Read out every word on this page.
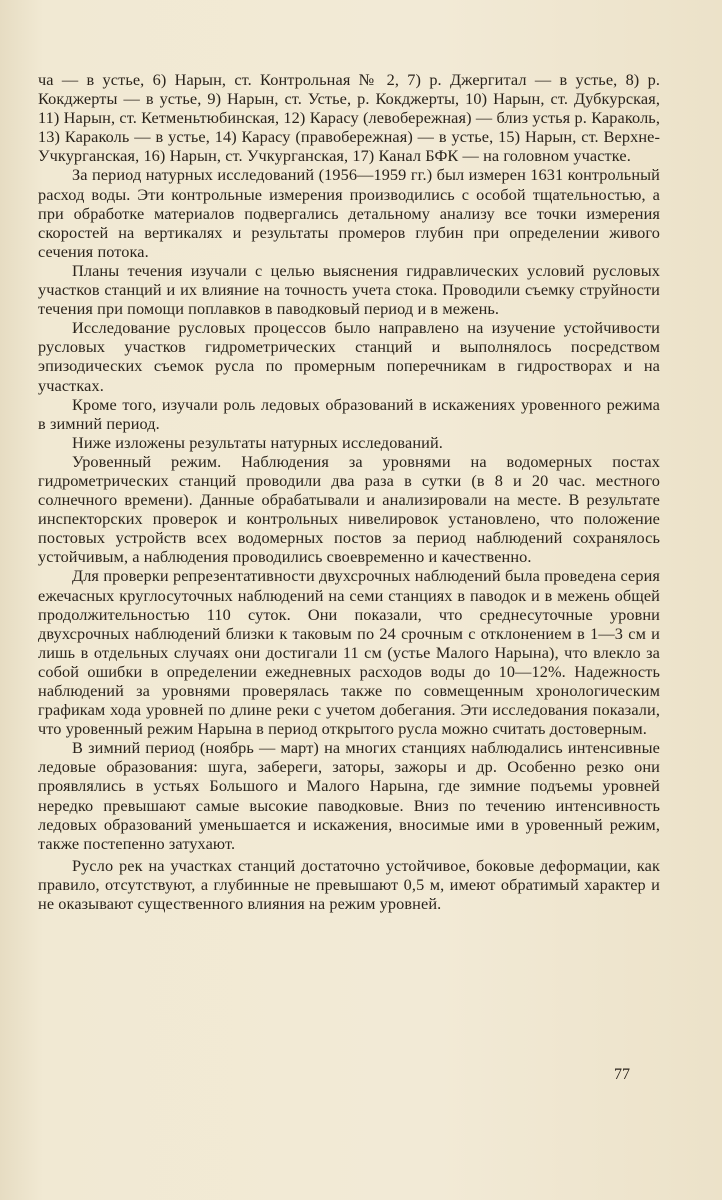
ча — в устье, 6) Нарын, ст. Контрольная № 2, 7) р. Джергитал — в устье, 8) р. Кокджерты — в устье, 9) Нарын, ст. Устье, р. Кокджерты, 10) Нарын, ст. Дубкурская, 11) Нарын, ст. Кетменьтюбинская, 12) Карасу (левобережная) — близ устья р. Караколь, 13) Караколь — в устье, 14) Карасу (правобережная) — в устье, 15) Нарын, ст. Верхне-Учкурганская, 16) Нарын, ст. Учкурганская, 17) Канал БФК — на головном участке.

За период натурных исследований (1956—1959 гг.) был измерен 1631 контрольный расход воды. Эти контрольные измерения производились с особой тщательностью, а при обработке материалов подвергались детальному анализу все точки измерения скоростей на вертикалях и результаты промеров глубин при определении живого сечения потока.

Планы течения изучали с целью выяснения гидравлических условий русловых участков станций и их влияние на точность учета стока. Проводили съемку струйности течения при помощи поплавков в паводковый период и в межень.

Исследование русловых процессов было направлено на изучение устойчивости русловых участков гидрометрических станций и выполнялось посредством эпизодических съемок русла по промерным поперечникам в гидростворах и на участках.

Кроме того, изучали роль ледовых образований в искажениях уровенного режима в зимний период.

Ниже изложены результаты натурных исследований.

Уровенный режим. Наблюдения за уровнями на водомерных постах гидрометрических станций проводили два раза в сутки (в 8 и 20 час. местного солнечного времени). Данные обрабатывали и анализировали на месте. В результате инспекторских проверок и контрольных нивелировок установлено, что положение постовых устройств всех водомерных постов за период наблюдений сохранялось устойчивым, а наблюдения проводились своевременно и качественно.

Для проверки репрезентативности двухсрочных наблюдений была проведена серия ежечасных круглосуточных наблюдений на семи станциях в паводок и в межень общей продолжительностью 110 суток. Они показали, что среднесуточные уровни двухсрочных наблюдений близки к таковым по 24 срочным с отклонением в 1—3 см и лишь в отдельных случаях они достигали 11 см (устье Малого Нарына), что влекло за собой ошибки в определении ежедневных расходов воды до 10—12%. Надежность наблюдений за уровнями проверялась также по совмещенным хронологическим графикам хода уровней по длине реки с учетом добегания. Эти исследования показали, что уровенный режим Нарына в период открытого русла можно считать достоверным.

В зимний период (ноябрь — март) на многих станциях наблюдались интенсивные ледовые образования: шуга, забереги, заторы, зажоры и др. Особенно резко они проявлялись в устьях Большого и Малого Нарына, где зимние подъемы уровней нередко превышают самые высокие паводковые. Вниз по течению интенсивность ледовых образований уменьшается и искажения, вносимые ими в уровенный режим, также постепенно затухают.

Русло рек на участках станций достаточно устойчивое, боковые деформации, как правило, отсутствуют, а глубинные не превышают 0,5 м, имеют обратимый характер и не оказывают существенного влияния на режим уровней.

77
